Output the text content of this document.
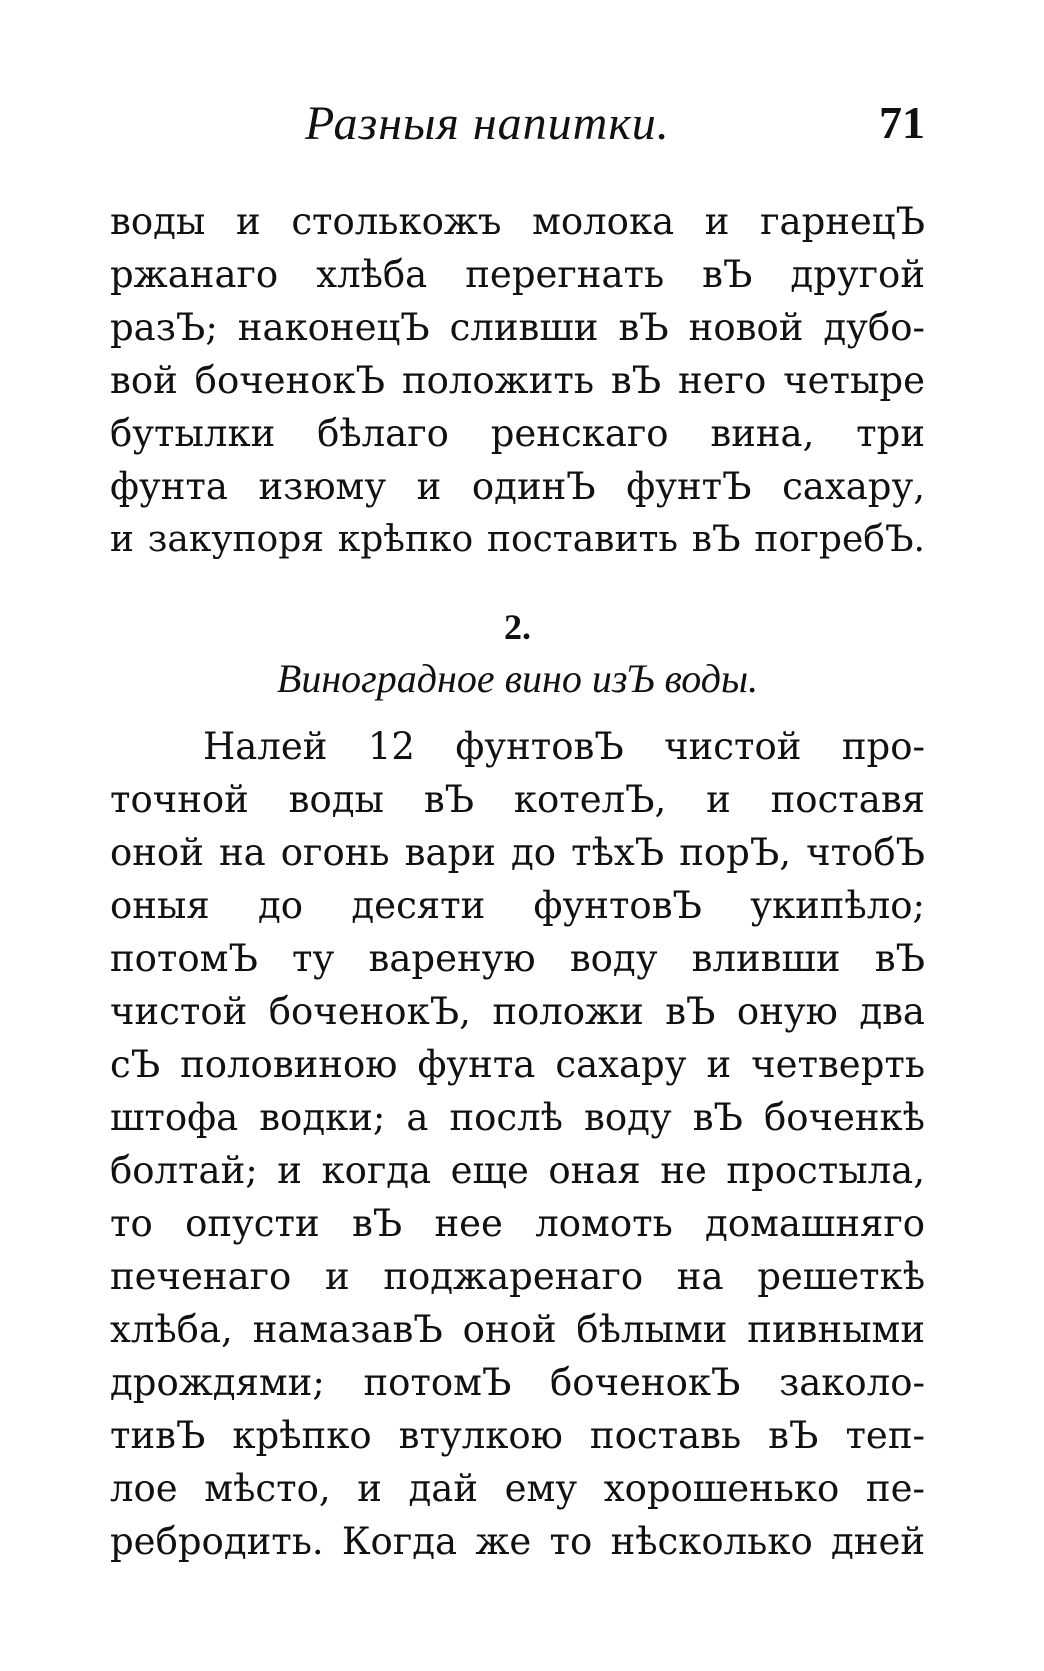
Разныя напитки.	71
воды и столькожъ молока и гарнецЪ
ржанаго хлѣба перегнать вЪ другой
разЪ; наконецЪ сливши вЪ новой дубо-
вой боченокЪ положить вЪ него четыре
бутылки бѣлаго ренскаго вина, три
фунта изюму и одинЪ фунтЪ сахару,
и закупоря крѣпко поставить вЪ погребЪ.
2.
Виноградное вино изЪ воды.
Налей 12 фунтовЪ чистой про-
точной воды вЪ котелЪ, и поставя
оной на огонь вари до тѣхЪ порЪ, чтобЪ
оныя до десяти фунтовЪ укипѣло;
потомЪ ту вареную воду вливши вЪ
чистой боченокЪ, положи вЪ оную два
сЪ половиною фунта сахару и четверть
штофа водки; а послѣ воду вЪ боченкѣ
болтай; и когда еще оная не простыла,
то опусти вЪ нее ломоть домашняго
печенаго и поджаренаго на решеткѣ
хлѣба, намазавЪ оной бѣлыми пивными
дрождями; потомЪ боченокЪ заколо-
тивЪ крѣпко втулкою поставь вЪ теп-
лое мѣсто, и дай ему хорошенько пе-
ребродить. Когда же то нѣсколько дней
